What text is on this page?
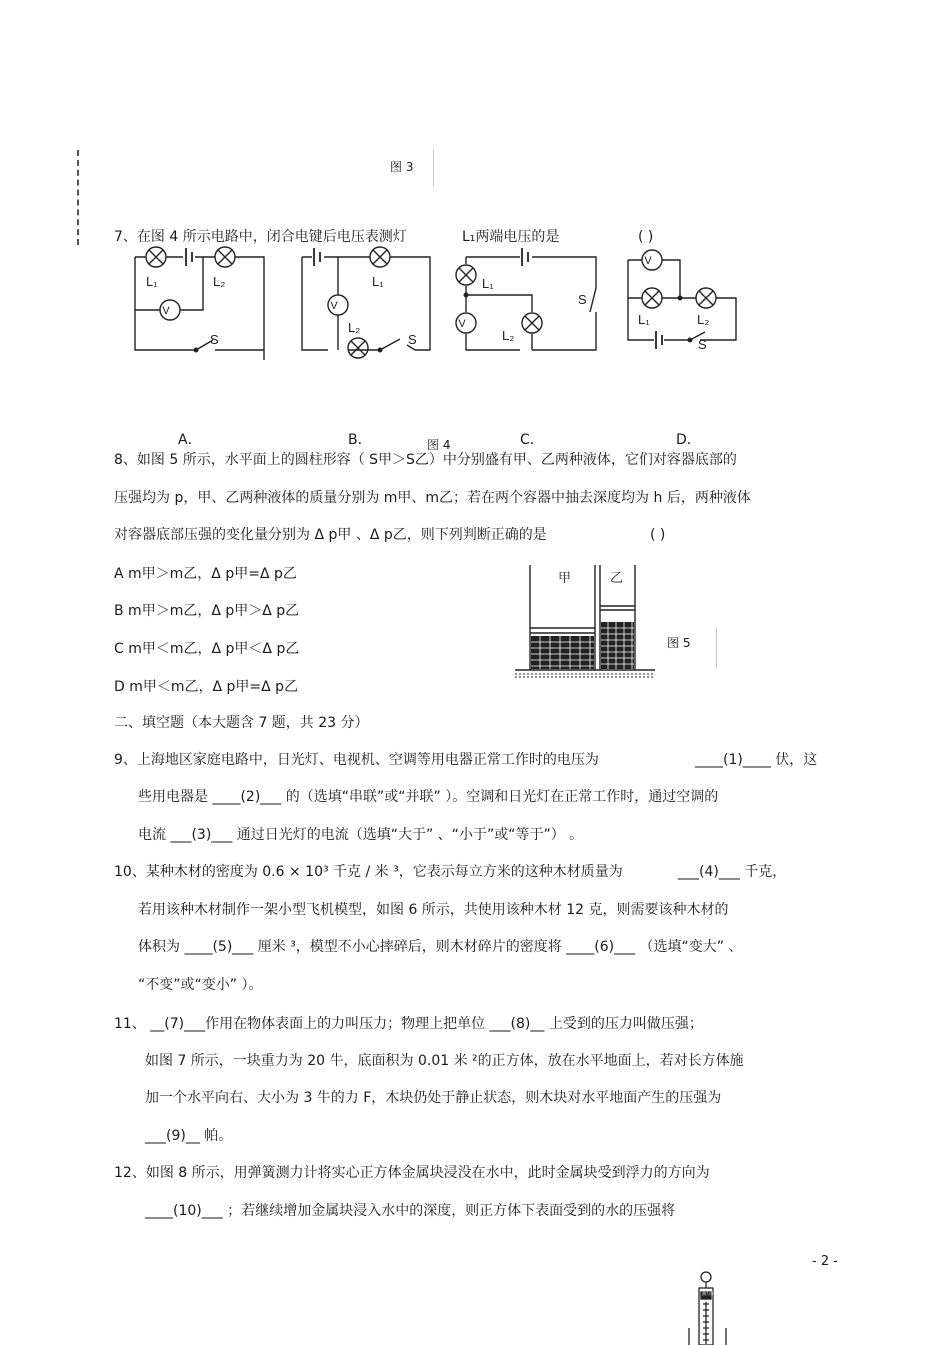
图 3
7、在图 4 所示电路中，闭合电键后电压表测灯	L₁两端电压的是	( )
V	V
V
V
L₁	L₂
S
L₁
L₂
S
L₁
L₂
S
L₁	L₂
S
A．	B．	图 4	C．	D．
8、如图 5 所示，水平面上的圆柱形容（ S甲＞S乙）中分别盛有甲、乙两种液体，它们对容器底部的
压强均为 p，甲、乙两种液体的质量分别为 m甲、m乙；若在两个容器中抽去深度均为 h 后，两种液体
对容器底部压强的变化量分别为 Δ p甲 、Δ p乙，则下列判断正确的是	( )
A m甲＞m乙，Δ p甲=Δ p乙
B m甲＞m乙，Δ p甲＞Δ p乙
C m甲＜m乙，Δ p甲＜Δ p乙
D m甲＜m乙，Δ p甲=Δ p乙
甲	乙
图 5
二、填空题（本大题含 7 题，共 23 分）
9、上海地区家庭电路中，日光灯、电视机、空调等用电器正常工作时的电压为	____(1)____ 伏，这
些用电器是 ____(2)___ 的（选填“串联”或“并联” ）。空调和日光灯在正常工作时，通过空调的
电流 ___(3)___ 通过日光灯的电流（选填“大于” 、“小于”或“等于”） 。
10、某种木材的密度为 0.6 × 10³ 千克 / 米 ³，它表示每立方米的这种木材质量为	___(4)___ 千克，
若用该种木材制作一架小型飞机模型，如图 6 所示，共使用该种木材 12 克，则需要该种木材的
体积为 ____(5)___ 厘米 ³，模型不小心摔碎后，则木材碎片的密度将 ____(6)___ （选填“变大” 、
“不变”或“变小” ）。
11、 __(7)___作用在物体表面上的力叫压力；物理上把单位 ___(8)__ 上受到的压力叫做压强；
如图 7 所示，一块重力为 20 牛，底面积为 0.01 米 ²的正方体，放在水平地面上，若对长方体施
加一个水平向右、大小为 3 牛的力 F，木块仍处于静止状态，则木块对水平地面产生的压强为
___(9)__ 帕。
12、如图 8 所示，用弹簧测力计将实心正方体金属块浸没在水中，此时金属块受到浮力的方向为
____(10)___ ；若继续增加金属块浸入水中的深度，则正方体下表面受到的水的压强将
- 2 -
测力计
